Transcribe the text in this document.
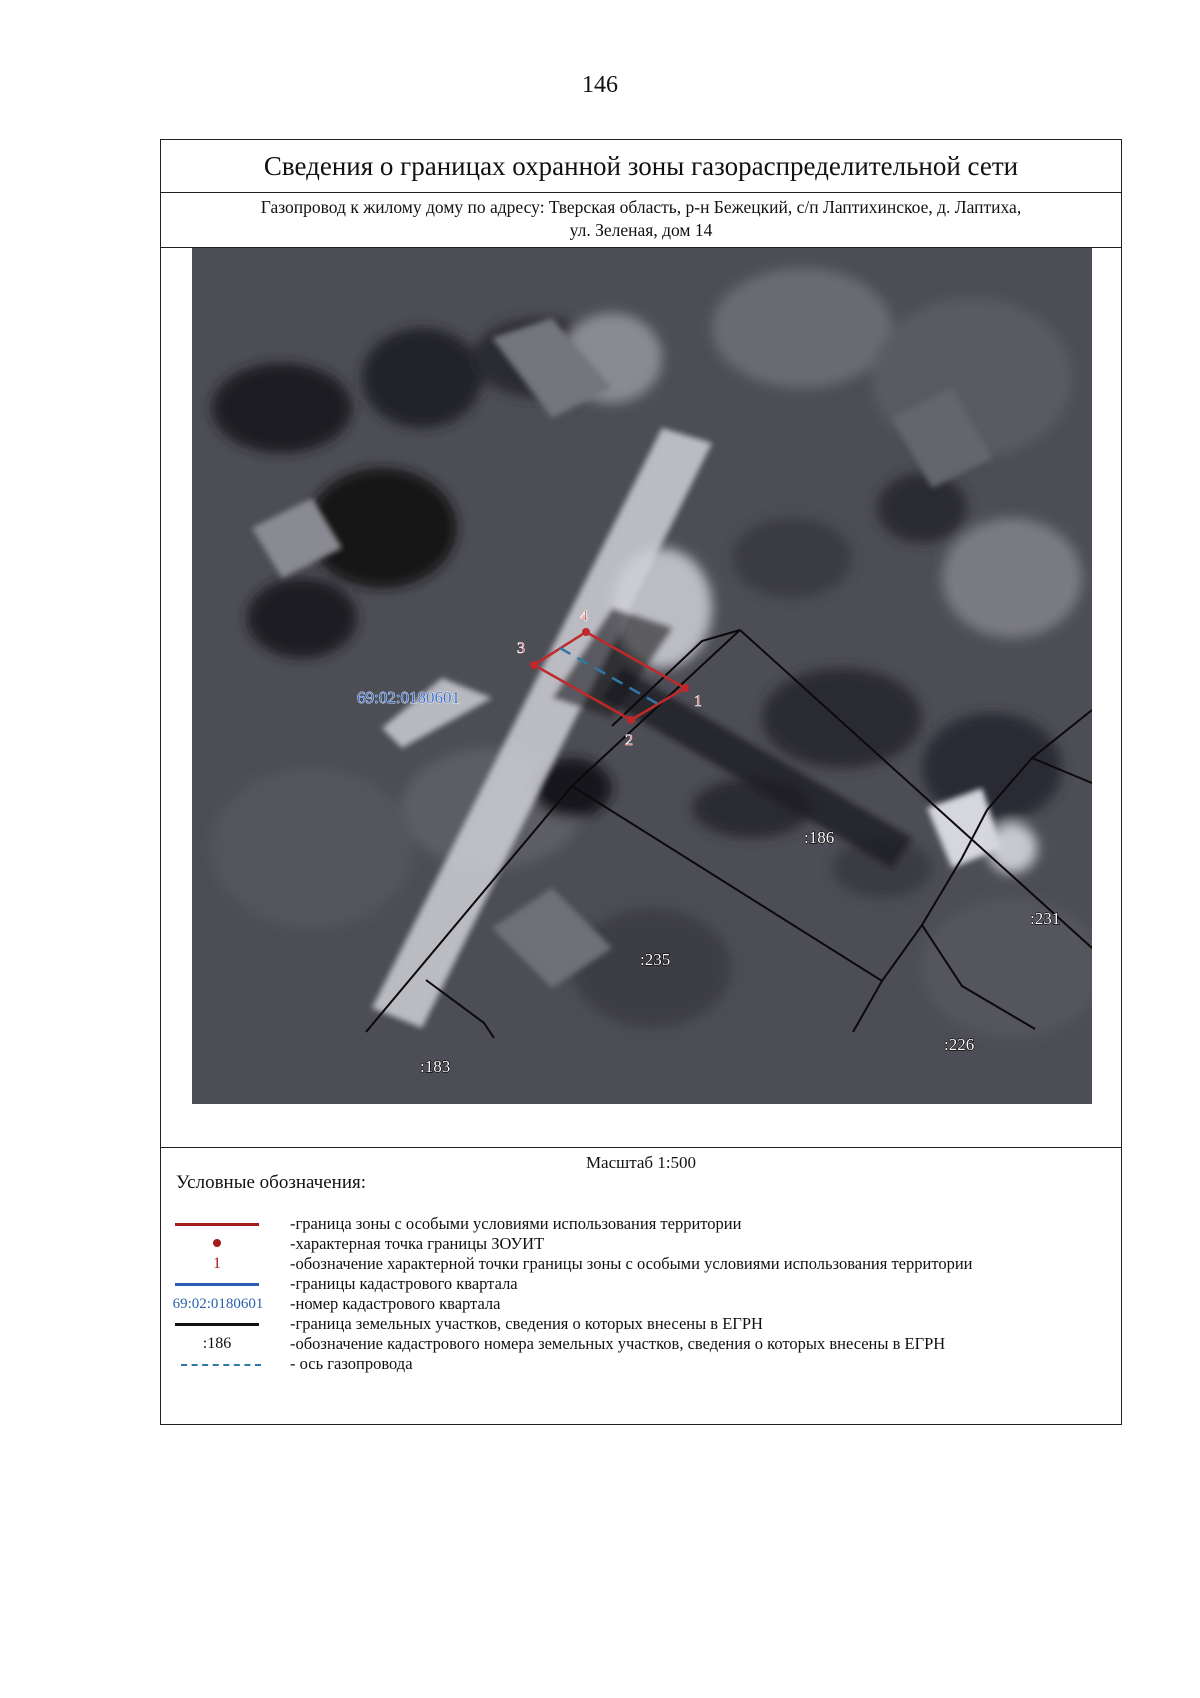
146
Сведения о границах охранной зоны газораспределительной сети
Газопровод к жилому дому по адресу: Тверская область, р-н Бежецкий, с/п Лаптихинское, д. Лаптиха,
ул. Зеленая, дом 14
1
2
3
4
69:02:0180601
:186
:231
:235
:226
:183
Масштаб 1:500
Условные обозначения:
-граница зоны с особыми условиями использования территории
-характерная точка границы ЗОУИТ
1	-обозначение характерной точки границы зоны с особыми условиями использования территории
-границы кадастрового квартала
69:02:0180601	-номер кадастрового квартала
-граница земельных участков, сведения о которых внесены в ЕГРН
:186	-обозначение кадастрового номера земельных участков, сведения о которых внесены в ЕГРН
- ось газопровода
